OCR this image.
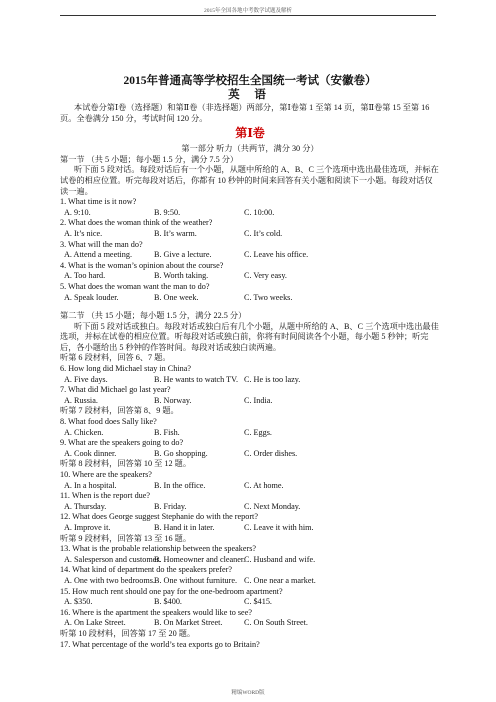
2015年全国各地中考数学试题及解析
2015年普通高等学校招生全国统一考试（安徽卷）
英 语
本试卷分第Ⅰ卷（选择题）和第Ⅱ卷（非选择题）两部分，第Ⅰ卷第 1 至第 14 页，第Ⅱ卷第 15 至第 16 页。全卷满分 150 分，考试时间 120 分。
第Ⅰ卷
第一部分 听力（共两节，满分 30 分）
第一节 （共 5 小题；每小题 1.5 分，满分 7.5 分）
听下面 5 段对话。每段对话后有一个小题，从题中所给的 A、B、C 三个选项中选出最佳选项，并标在试卷的相应位置。听完每段对话后，你都有 10 秒钟的时间来回答有关小题和阅读下一小题。每段对话仅读一遍。
1. What time is it now?
A. 9:10.	B. 9:50.	C. 10:00.
2. What does the woman think of the weather?
A. It’s nice.	B. It’s warm.	C. It’s cold.
3. What will the man do?
A. Attend a meeting.	B. Give a lecture.	C. Leave his office.
4. What is the woman’s opinion about the course?
A. Too hard.	B. Worth taking.	C. Very easy.
5. What does the woman want the man to do?
A. Speak louder.	B. One week.	C. Two weeks.
第二节 （共 15 小题；每小题 1.5 分，满分 22.5 分）
听下面 5 段对话或独白。每段对话或独白后有几个小题，从题中所给的 A、B、C 三个选项中选出最佳选项，并标在试卷的相应位置。听每段对话或独白前，你将有时间阅读各个小题，每小题 5 秒钟；听完后，各小题给出 5 秒钟的作答时间。每段对话或独白读两遍。
听第 6 段材料，回答 6、7 题。
6. How long did Michael stay in China?
A. Five days.	B. He wants to watch TV. C. He is too lazy.
7. What did Michael go last year?
A. Russia.	B. Norway.	C. India.
听第 7 段材料，回答第 8、9 题。
8. What food does Sally like?
A. Chicken.	B. Fish.	C. Eggs.
9. What are the speakers going to do?
A. Cook dinner.	B. Go shopping.	C. Order dishes.
听第 8 段材料，回答第 10 至 12 题。
10. Where are the speakers?
A. In a hospital.	B. In the office.	C. At home.
11. When is the report due?
A. Thursday.	B. Friday.	C. Next Monday.
12. What does George suggest Stephanie do with the report?
A. Improve it.	B. Hand it in later.	C. Leave it with him.
听第 9 段材料，回答第 13 至 16 题。
13. What is the probable relationship between the speakers?
A. Salesperson and customer.
B. Homeowner and cleaner.
C. Husband and wife.
14. What kind of department do the speakers prefer?
A. One with two bedrooms. B. One without furniture. C. One near a market.
15. How much rent should one pay for the one-bedroom apartment?
A. $350.	B. $400.	C. $415.
16. Where is the apartment the speakers would like to see?
A. On Lake Street.	B. On Market Street.	C. On South Street.
听第 10 段材料，回答第 17 至 20 题。
17. What percentage of the world’s tea exports go to Britain?
精编WORD版
